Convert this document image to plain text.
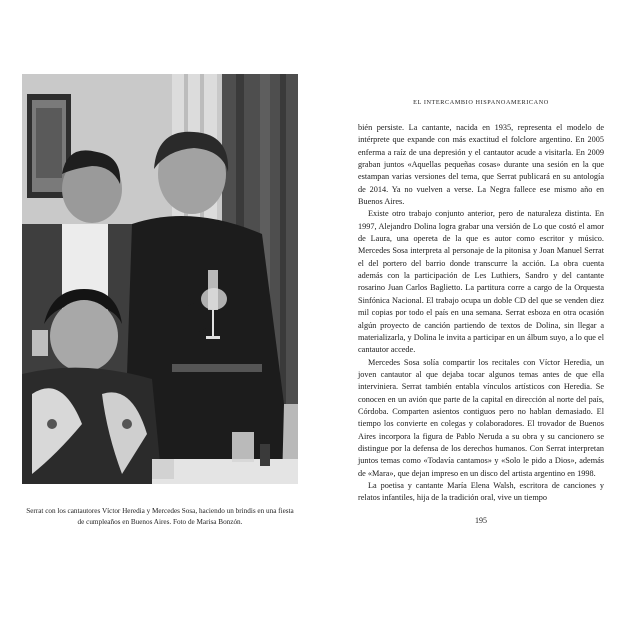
Serrat con los cantautores Víctor Heredia y Mercedes Sosa, haciendo un brindis en una fiesta de cumpleaños en Buenos Aires. Foto de Marisa Bonzón.
EL INTERCAMBIO HISPANOAMERICANO

bién persiste. La cantante, nacida en 1935, representa el modelo de intérprete que expande con más exactitud el folclore argentino. En 2005 enferma a raíz de una depresión y el cantautor acude a visitarla. En 2009 graban juntos «Aquellas pequeñas cosas» durante una sesión en la que estampan varias versiones del tema, que Serrat publicará en su antología de 2014. Ya no vuelven a verse. La Negra fallece ese mismo año en Buenos Aires.

Existe otro trabajo conjunto anterior, pero de naturaleza distinta. En 1997, Alejandro Dolina logra grabar una versión de Lo que costó el amor de Laura, una opereta de la que es autor como escritor y músico. Mercedes Sosa interpreta al personaje de la pitonisa y Joan Manuel Serrat el del portero del barrio donde transcurre la acción. La obra cuenta además con la participación de Les Luthiers, Sandro y del cantante rosarino Juan Carlos Baglietto. La partitura corre a cargo de la Orquesta Sinfónica Nacional. El trabajo ocupa un doble CD del que se venden diez mil copias por todo el país en una semana. Serrat esboza en otra ocasión algún proyecto de canción partiendo de textos de Dolina, sin llegar a materializarla, y Dolina le invita a participar en un álbum suyo, a lo que el cantautor accede.

Mercedes Sosa solía compartir los recitales con Víctor Heredia, un joven cantautor al que dejaba tocar algunos temas antes de que ella interviniera. Serrat también entabla vínculos artísticos con Heredia. Se conocen en un avión que parte de la capital en dirección al norte del país, Córdoba. Comparten asientos contiguos pero no hablan demasiado. El tiempo los convierte en colegas y colaboradores. El trovador de Buenos Aires incorpora la figura de Pablo Neruda a su obra y su cancionero se distingue por la defensa de los derechos humanos. Con Serrat interpretan juntos temas como «Todavía cantamos» y «Solo le pido a Dios», además de «Mara», que dejan impreso en un disco del artista argentino en 1998.

La poetisa y cantante María Elena Walsh, escritora de canciones y relatos infantiles, hija de la tradición oral, vive un tiempo

195
